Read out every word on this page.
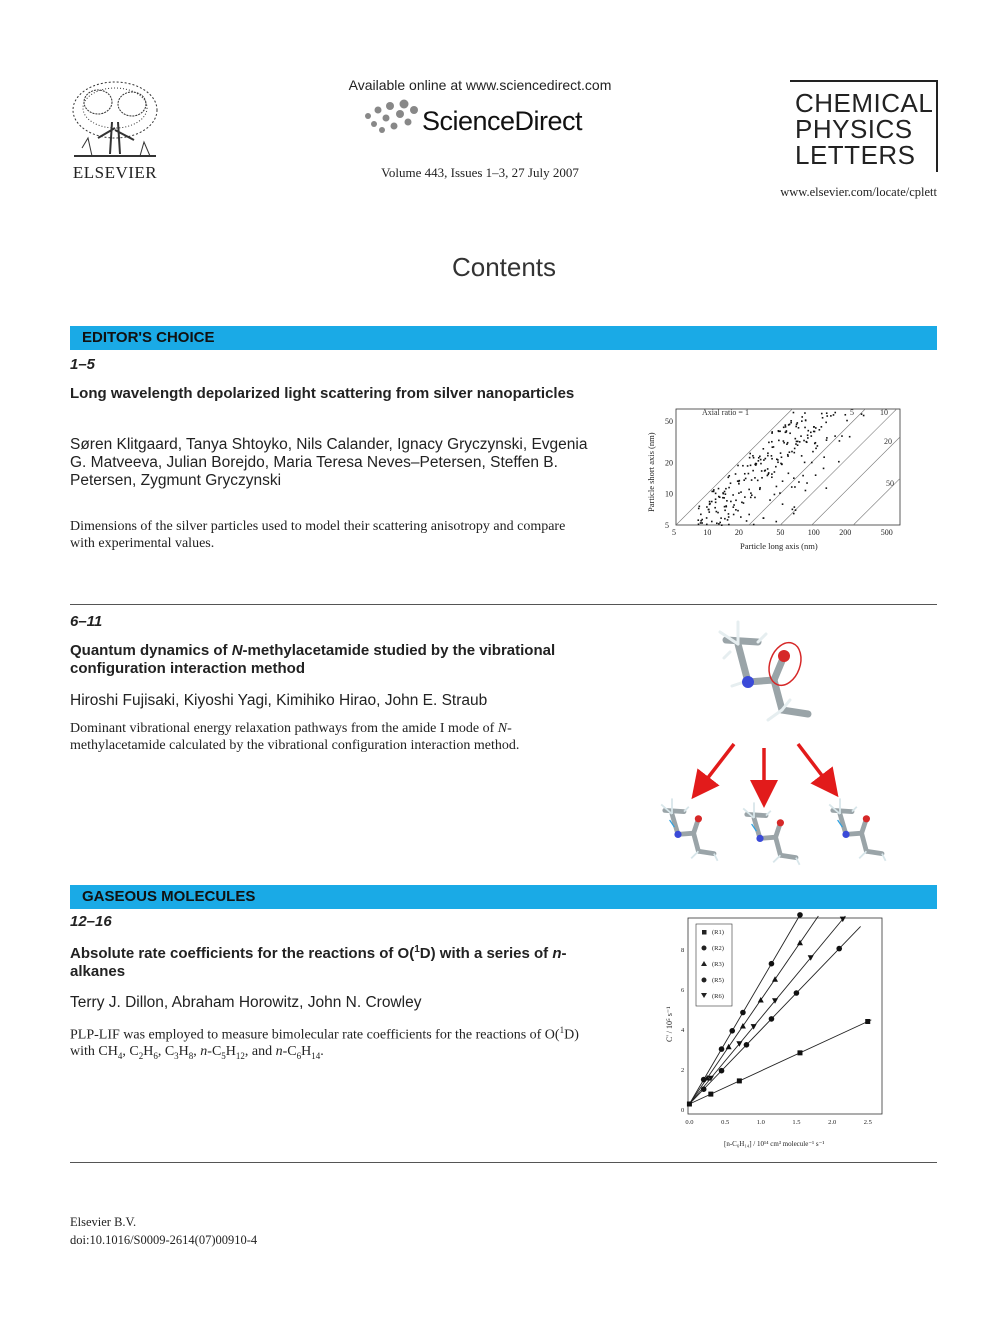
ELSEVIER
Available online at www.sciencedirect.com
ScienceDirect
Volume 443, Issues 1–3, 27 July 2007
CHEMICAL
PHYSICS
LETTERS
www.elsevier.com/locate/cplett
Contents
EDITOR'S CHOICE
1–5
Long wavelength depolarized light scattering from silver nanoparticles
Søren Klitgaard, Tanya Shtoyko, Nils Calander, Ignacy Gryczynski, Evgenia G. Matveeva, Julian Borejdo, Maria Teresa Neves–Petersen, Steffen B. Petersen, Zygmunt Gryczynski
Dimensions of the silver particles used to model their scattering anisotropy and compare with experimental values.
Axial ratio = 1	5	10
20
50
5	10	20	50	100 200	500
5
10
20
50
Particle short axis (nm)
Particle long axis (nm)
6–11
Quantum dynamics of N-methylacetamide studied by the vibrational configuration interaction method
Hiroshi Fujisaki, Kiyoshi Yagi, Kimihiko Hirao, John E. Straub
Dominant vibrational energy relaxation pathways from the amide I mode of N-methylacetamide calculated by the vibrational configuration interaction method.
GASEOUS MOLECULES
12–16
Absolute rate coefficients for the reactions of O($^1$D) with a series of n-alkanes
Terry J. Dillon, Abraham Horowitz, John N. Crowley
PLP-LIF was employed to measure bimolecular rate coefficients for the reactions of O($^1$D) with $CH_4$, $C_2H_6$, $C_3H_8$, $n-C_5H_{12}$, and $n-C_6H_{14}$.
0.0	0.5	1.0	1.5	2.0	2.5
0
2
4
6
8
(R1)
(R2)
(R3)
(R5)
(R6)
C' / 10⁵ s⁻¹
[n-C₆H₁₄] / 10¹⁴ cm³ molecule⁻¹ s⁻¹
Elsevier B.V.
doi:10.1016/S0009-2614(07)00910-4
